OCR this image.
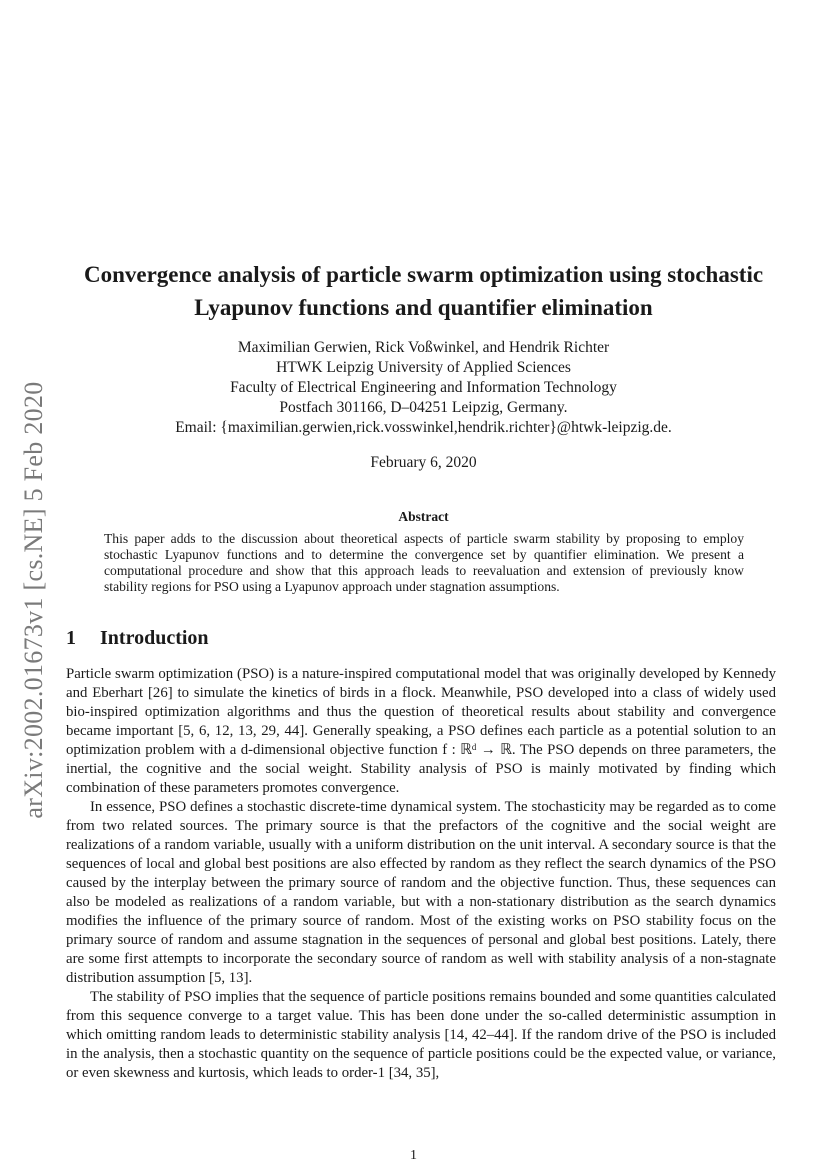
arXiv:2002.01673v1 [cs.NE] 5 Feb 2020
Convergence analysis of particle swarm optimization using stochastic Lyapunov functions and quantifier elimination
Maximilian Gerwien, Rick Voßwinkel, and Hendrik Richter
HTWK Leipzig University of Applied Sciences
Faculty of Electrical Engineering and Information Technology
Postfach 301166, D–04251 Leipzig, Germany.
Email: {maximilian.gerwien,rick.vosswinkel,hendrik.richter}@htwk-leipzig.de.
February 6, 2020
Abstract
This paper adds to the discussion about theoretical aspects of particle swarm stability by proposing to employ stochastic Lyapunov functions and to determine the convergence set by quantifier elimination. We present a computational procedure and show that this approach leads to reevaluation and extension of previously know stability regions for PSO using a Lyapunov approach under stagnation assumptions.
1 Introduction

Particle swarm optimization (PSO) is a nature-inspired computational model that was originally developed by Kennedy and Eberhart [26] to simulate the kinetics of birds in a flock. Meanwhile, PSO developed into a class of widely used bio-inspired optimization algorithms and thus the question of theoretical results about stability and convergence became important [5, 6, 12, 13, 29, 44]. Generally speaking, a PSO defines each particle as a potential solution to an optimization problem with a d-dimensional objective function f : ℝᵈ → ℝ. The PSO depends on three parameters, the inertial, the cognitive and the social weight. Stability analysis of PSO is mainly motivated by finding which combination of these parameters promotes convergence.

In essence, PSO defines a stochastic discrete-time dynamical system. The stochasticity may be regarded as to come from two related sources. The primary source is that the prefactors of the cognitive and the social weight are realizations of a random variable, usually with a uniform distribution on the unit interval. A secondary source is that the sequences of local and global best positions are also effected by random as they reflect the search dynamics of the PSO caused by the interplay between the primary source of random and the objective function. Thus, these sequences can also be modeled as realizations of a random variable, but with a non-stationary distribution as the search dynamics modifies the influence of the primary source of random. Most of the existing works on PSO stability focus on the primary source of random and assume stagnation in the sequences of personal and global best positions. Lately, there are some first attempts to incorporate the secondary source of random as well with stability analysis of a non-stagnate distribution assumption [5, 13].

The stability of PSO implies that the sequence of particle positions remains bounded and some quantities calculated from this sequence converge to a target value. This has been done under the so-called deterministic assumption in which omitting random leads to deterministic stability analysis [14, 42–44]. If the random drive of the PSO is included in the analysis, then a stochastic quantity on the sequence of particle positions could be the expected value, or variance, or even skewness and kurtosis, which leads to order-1 [34, 35],

1
